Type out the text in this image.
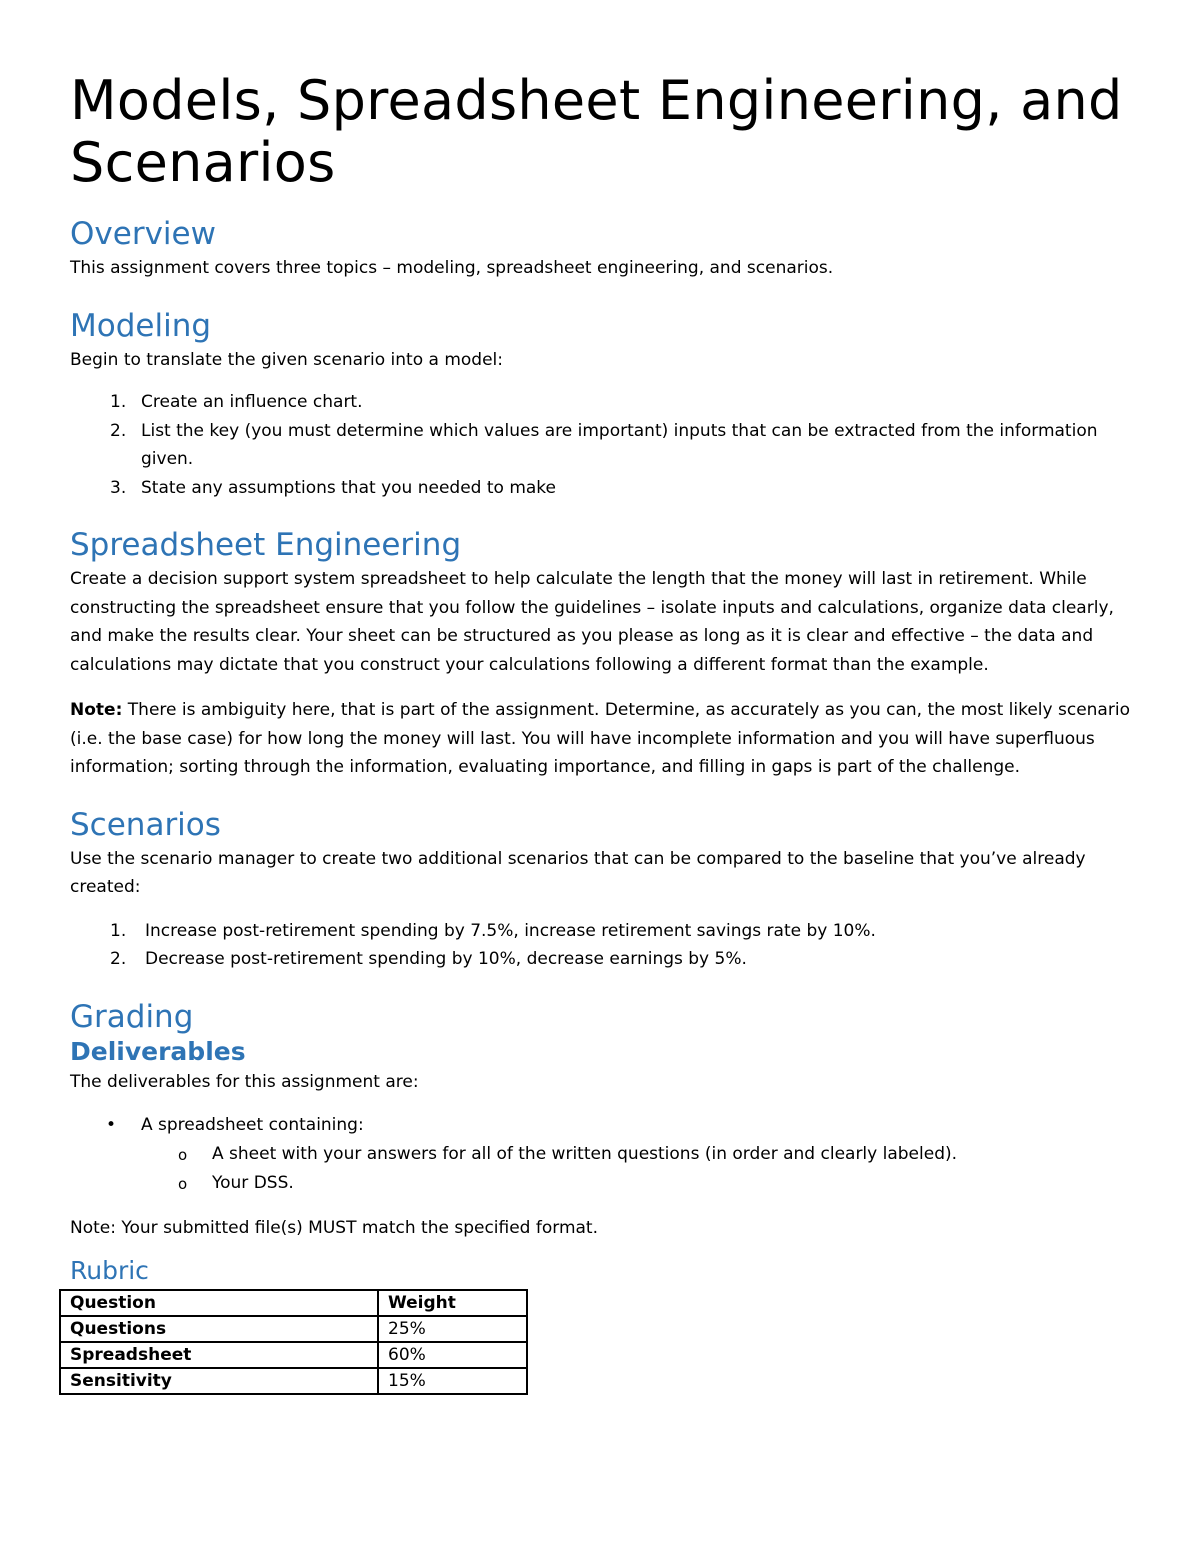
Models, Spreadsheet Engineering, and Scenarios
Overview

This assignment covers three topics – modeling, spreadsheet engineering, and scenarios.

Modeling

Begin to translate the given scenario into a model:

1. Create an influence chart.
2. List the key (you must determine which values are important) inputs that can be extracted from the information given.
3. State any assumptions that you needed to make
Spreadsheet Engineering

Create a decision support system spreadsheet to help calculate the length that the money will last in retirement. While constructing the spreadsheet ensure that you follow the guidelines – isolate inputs and calculations, organize data clearly, and make the results clear. Your sheet can be structured as you please as long as it is clear and effective – the data and calculations may dictate that you construct your calculations following a different format than the example.

Note: There is ambiguity here, that is part of the assignment. Determine, as accurately as you can, the most likely scenario (i.e. the base case) for how long the money will last. You will have incomplete information and you will have superfluous information; sorting through the information, evaluating importance, and filling in gaps is part of the challenge.

Scenarios

Use the scenario manager to create two additional scenarios that can be compared to the baseline that you’ve already created:

1. Increase post-retirement spending by 7.5%, increase retirement savings rate by 10%.
2. Decrease post-retirement spending by 10%, decrease earnings by 5%.
Grading
Deliverables

The deliverables for this assignment are:

• A spreadsheet containing:
o A sheet with your answers for all of the written questions (in order and clearly labeled).
o Your DSS.

Note: Your submitted file(s) MUST match the specified format.

Rubric
Question	Weight
Questions	25%
Spreadsheet	60%
Sensitivity	15%
